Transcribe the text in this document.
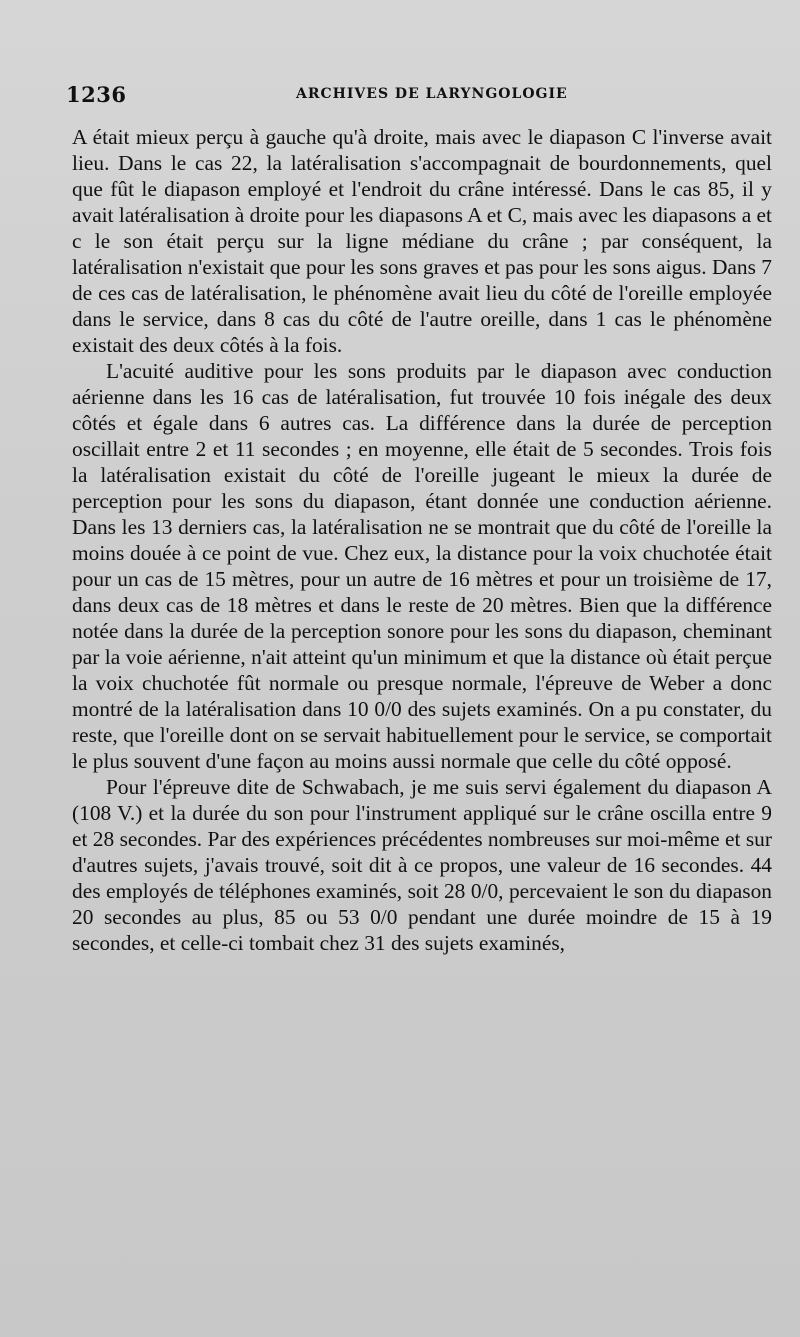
1236	ARCHIVES DE LARYNGOLOGIE

A était mieux perçu à gauche qu'à droite, mais avec le diapason C l'inverse avait lieu. Dans le cas 22, la latéralisation s'accompagnait de bourdonnements, quel que fût le diapason employé et l'endroit du crâne intéressé. Dans le cas 85, il y avait latéralisation à droite pour les diapasons A et C, mais avec les diapasons a et c le son était perçu sur la ligne médiane du crâne ; par conséquent, la latéralisation n'existait que pour les sons graves et pas pour les sons aigus. Dans 7 de ces cas de latéralisation, le phénomène avait lieu du côté de l'oreille employée dans le service, dans 8 cas du côté de l'autre oreille, dans 1 cas le phénomène existait des deux côtés à la fois.

L'acuité auditive pour les sons produits par le diapason avec conduction aérienne dans les 16 cas de latéralisation, fut trouvée 10 fois inégale des deux côtés et égale dans 6 autres cas. La différence dans la durée de perception oscillait entre 2 et 11 secondes ; en moyenne, elle était de 5 secondes. Trois fois la latéralisation existait du côté de l'oreille jugeant le mieux la durée de perception pour les sons du diapason, étant donnée une conduction aérienne. Dans les 13 derniers cas, la latéralisation ne se montrait que du côté de l'oreille la moins douée à ce point de vue. Chez eux, la distance pour la voix chuchotée était pour un cas de 15 mètres, pour un autre de 16 mètres et pour un troisième de 17, dans deux cas de 18 mètres et dans le reste de 20 mètres. Bien que la différence notée dans la durée de la perception sonore pour les sons du diapason, cheminant par la voie aérienne, n'ait atteint qu'un minimum et que la distance où était perçue la voix chuchotée fût normale ou presque normale, l'épreuve de Weber a donc montré de la latéralisation dans 10 0/0 des sujets examinés. On a pu constater, du reste, que l'oreille dont on se servait habituellement pour le service, se comportait le plus souvent d'une façon au moins aussi normale que celle du côté opposé.

Pour l'épreuve dite de Schwabach, je me suis servi également du diapason A (108 V.) et la durée du son pour l'instrument appliqué sur le crâne oscilla entre 9 et 28 secondes. Par des expériences précédentes nombreuses sur moi-même et sur d'autres sujets, j'avais trouvé, soit dit à ce propos, une valeur de 16 secondes. 44 des employés de téléphones examinés, soit 28 0/0, percevaient le son du diapason 20 secondes au plus, 85 ou 53 0/0 pendant une durée moindre de 15 à 19 secondes, et celle-ci tombait chez 31 des sujets examinés,
